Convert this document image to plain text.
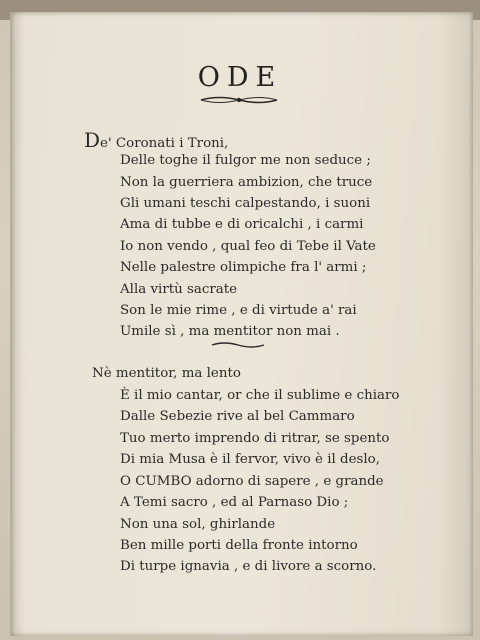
ODE
De' Coronati i Troni,
Delle toghe il fulgor me non seduce ;
Non la guerriera ambizion, che truce
Gli umani teschi calpestando, i suoni
Ama di tubbe e di oricalchi , i carmi
Io non vendo , qual feo di Tebe il Vate
Nelle palestre olimpiche fra l' armi ;
Alla virtù sacrate
Son le mie rime , e di virtude a' rai
Umile sì , ma mentitor non mai .
Nè mentitor, ma lento
È il mio cantar, or che il sublime e chiaro
Dalle Sebezie rive al bel Cammaro
Tuo merto imprendo di ritrar, se spento
Di mia Musa è il fervor, vivo è il deslo,
O CUMBO adorno di sapere , e grande
A Temi sacro , ed al Parnaso Dio ;
Non una sol, ghirlande
Ben mille porti della fronte intorno
Di turpe ignavia , e di livore a scorno.
